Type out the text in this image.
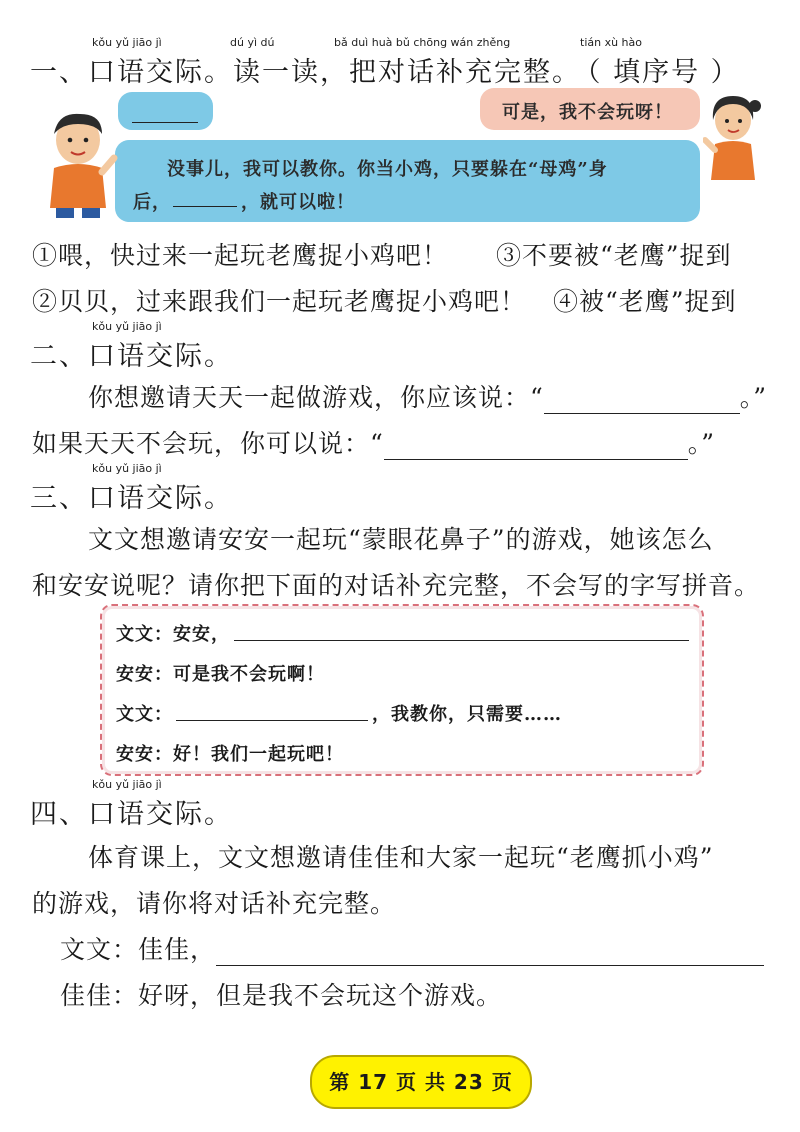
kǒu yǔ jiāo jì	dú yì dú	bǎ duì huà bǔ chōng wán zhěng	tián xù hào
一、口语交际。读一读，把对话补充完整。 （ 填序号 ）
可是，我不会玩呀！
没事儿，我可以教你。你当小鸡，只要躲在“母鸡”身
后，	，就可以啦！
①喂，快过来一起玩老鹰捉小鸡吧！ ③不要被“老鹰”捉到
②贝贝，过来跟我们一起玩老鹰捉小鸡吧！ ④被“老鹰”捉到
kǒu yǔ jiāo jì
二、口语交际。
你想邀请天天一起做游戏，你应该说：“	。”
如果天天不会玩，你可以说：“	。”
kǒu yǔ jiāo jì
三、口语交际。
文文想邀请安安一起玩“蒙眼花鼻子”的游戏，她该怎么
和安安说呢？请你把下面的对话补充完整，不会写的字写拼音。
文文：安安，
安安：可是我不会玩啊！
文文：	，我教你，只需要……
安安：好！我们一起玩吧！
kǒu yǔ jiāo jì
四、口语交际。
体育课上，文文想邀请佳佳和大家一起玩“老鹰抓小鸡”
的游戏，请你将对话补充完整。
文文：佳佳，
佳佳：好呀，但是我不会玩这个游戏。
第 17 页 共 23 页
